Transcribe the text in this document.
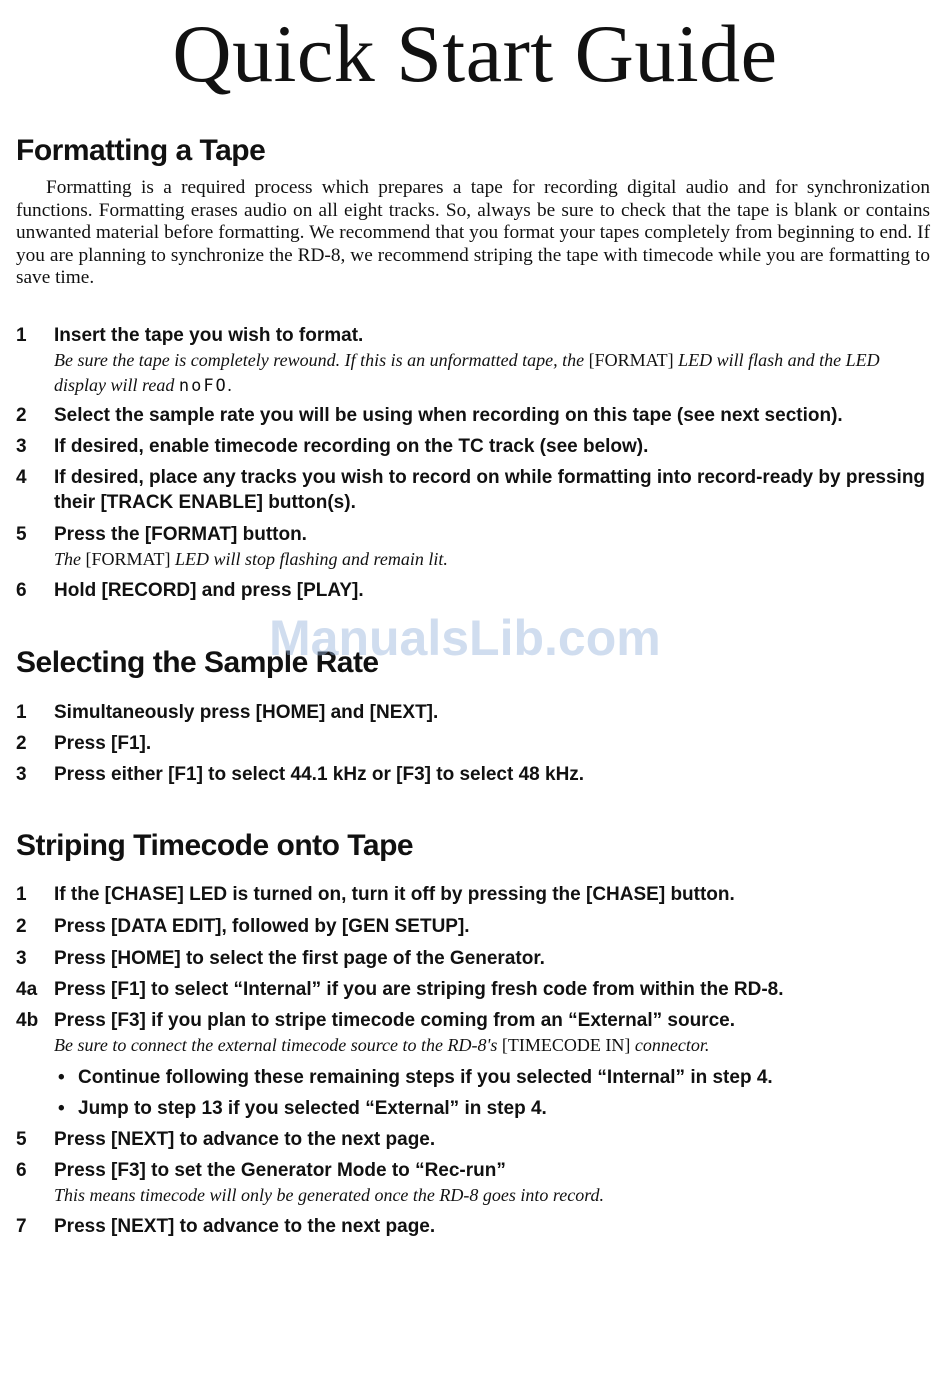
Quick Start Guide
Formatting a Tape

Formatting is a required process which prepares a tape for recording digital audio and for synchronization functions. Formatting erases audio on all eight tracks. So, always be sure to check that the tape is blank or contains unwanted material before formatting. We recommend that you format your tapes completely from beginning to end. If you are planning to synchronize the RD-8, we recommend striping the tape with timecode while you are formatting to save time.

1	Insert the tape you wish to format.
Be sure the tape is completely rewound. If this is an unformatted tape, the [FORMAT] LED will flash and the LED display will read noFO.
2	Select the sample rate you will be using when recording on this tape (see next section).
3	If desired, enable timecode recording on the TC track (see below).
4	If desired, place any tracks you wish to record on while formatting into record-ready by pressing their [TRACK ENABLE] button(s).
5	Press the [FORMAT] button.
The [FORMAT] LED will stop flashing and remain lit.
6	Hold [RECORD] and press [PLAY].
Selecting the Sample Rate
1	Simultaneously press [HOME] and [NEXT].
2	Press [F1].
3	Press either [F1] to select 44.1 kHz or [F3] to select 48 kHz.
Striping Timecode onto Tape
1	If the [CHASE] LED is turned on, turn it off by pressing the [CHASE] button.
2	Press [DATA EDIT], followed by [GEN SETUP].
3	Press [HOME] to select the first page of the Generator.
4a Press [F1] to select “Internal” if you are striping fresh code from within the RD-8.
4b Press [F3] if you plan to stripe timecode coming from an “External” source.
Be sure to connect the external timecode source to the RD-8's [TIMECODE IN] connector.
• Continue following these remaining steps if you selected “Internal” in step 4.
• Jump to step 13 if you selected “External” in step 4.
5	Press [NEXT] to advance to the next page.
6	Press [F3] to set the Generator Mode to “Rec-run”
This means timecode will only be generated once the RD-8 goes into record.
7	Press [NEXT] to advance to the next page.
ManualsLib.com
